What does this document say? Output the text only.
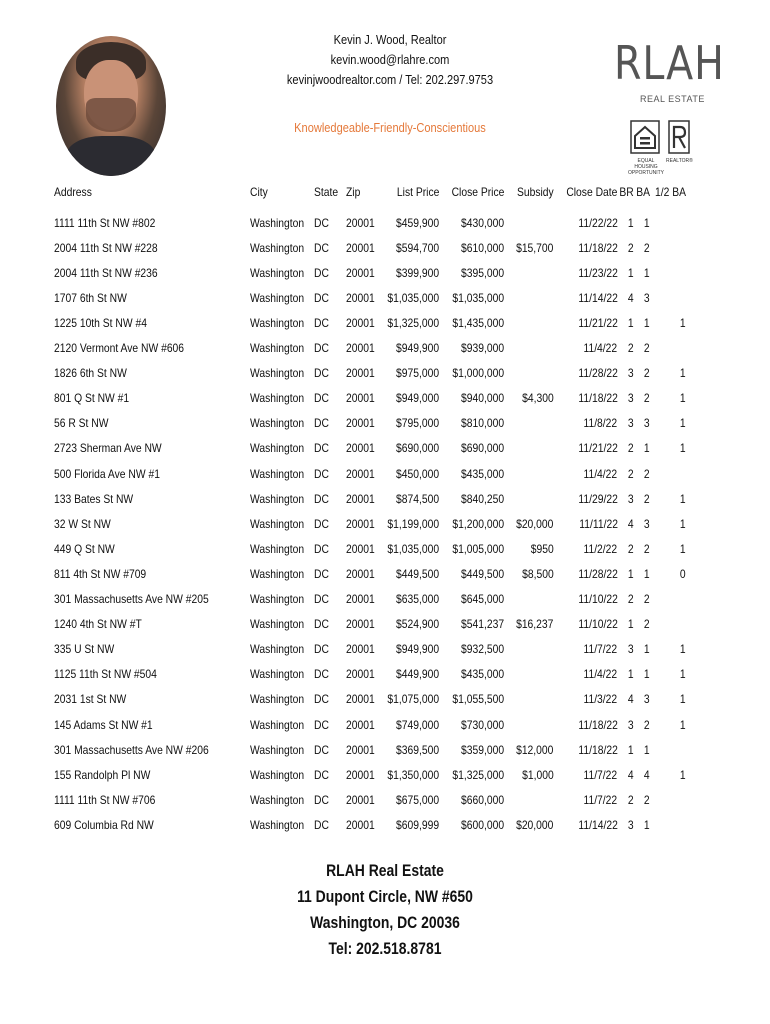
Kevin J. Wood, Realtor
kevin.wood@rlahre.com
kevinjwoodrealtor.com / Tel: 202.297.9753
Knowledgeable-Friendly-Conscientious
RLAH
REAL ESTATE
EQUAL HOUSING OPPORTUNITY
REALTOR®
Address	City	State	Zip	List Price	Close Price	Subsidy	Close Date	BR	BA	1/2 BA
1111 11th St NW #802	Washington	DC	20001	$459,900	$430,000		11/22/22	1	1	
2004 11th St NW #228	Washington	DC	20001	$594,700	$610,000	$15,700	11/18/22	2	2	
2004 11th St NW #236	Washington	DC	20001	$399,900	$395,000		11/23/22	1	1	
1707 6th St NW	Washington	DC	20001	$1,035,000	$1,035,000		11/14/22	4	3	
1225 10th St NW #4	Washington	DC	20001	$1,325,000	$1,435,000		11/21/22	1	1	1
2120 Vermont Ave NW #606	Washington	DC	20001	$949,900	$939,000		11/4/22	2	2	
1826 6th St NW	Washington	DC	20001	$975,000	$1,000,000		11/28/22	3	2	1
801 Q St NW #1	Washington	DC	20001	$949,000	$940,000	$4,300	11/18/22	3	2	1
56 R St NW	Washington	DC	20001	$795,000	$810,000		11/8/22	3	3	1
2723 Sherman Ave NW	Washington	DC	20001	$690,000	$690,000		11/21/22	2	1	1
500 Florida Ave NW #1	Washington	DC	20001	$450,000	$435,000		11/4/22	2	2	
133 Bates St NW	Washington	DC	20001	$874,500	$840,250		11/29/22	3	2	1
32 W St NW	Washington	DC	20001	$1,199,000	$1,200,000	$20,000	11/11/22	4	3	1
449 Q St NW	Washington	DC	20001	$1,035,000	$1,005,000	$950	11/2/22	2	2	1
811 4th St NW #709	Washington	DC	20001	$449,500	$449,500	$8,500	11/28/22	1	1	0
301 Massachusetts Ave NW #205	Washington	DC	20001	$635,000	$645,000		11/10/22	2	2	
1240 4th St NW #T	Washington	DC	20001	$524,900	$541,237	$16,237	11/10/22	1	2	
335 U St NW	Washington	DC	20001	$949,900	$932,500		11/7/22	3	1	1
1125 11th St NW #504	Washington	DC	20001	$449,900	$435,000		11/4/22	1	1	1
2031 1st St NW	Washington	DC	20001	$1,075,000	$1,055,500		11/3/22	4	3	1
145 Adams St NW #1	Washington	DC	20001	$749,000	$730,000		11/18/22	3	2	1
301 Massachusetts Ave NW #206	Washington	DC	20001	$369,500	$359,000	$12,000	11/18/22	1	1	
155 Randolph Pl NW	Washington	DC	20001	$1,350,000	$1,325,000	$1,000	11/7/22	4	4	1
1111 11th St NW #706	Washington	DC	20001	$675,000	$660,000		11/7/22	2	2	
609 Columbia Rd NW	Washington	DC	20001	$609,999	$600,000	$20,000	11/14/22	3	1	
RLAH Real Estate
11 Dupont Circle, NW #650
Washington, DC 20036
Tel: 202.518.8781
